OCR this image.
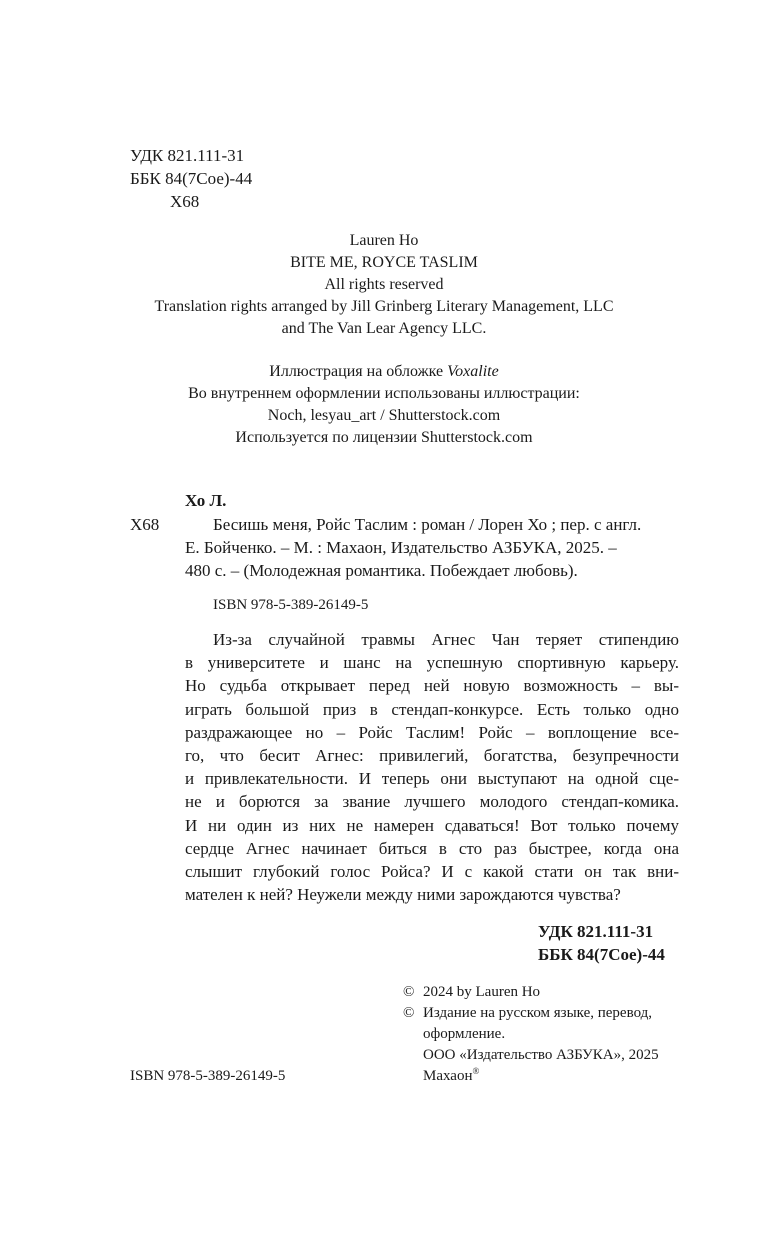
УДК 821.111-31
ББК 84(7Сое)-44
Х68
Lauren Ho
BITE ME, ROYCE TASLIM
All rights reserved
Translation rights arranged by Jill Grinberg Literary Management, LLC
and The Van Lear Agency LLC.
Иллюстрация на обложке Voxalite
Во внутреннем оформлении использованы иллюстрации:
Noch, lesyau_art / Shutterstock.com
Используется по лицензии Shutterstock.com
Хо Л.
Х68	Бесишь меня, Ройс Таслим : роман / Лорен Хо ; пер. с англ.
Е. Бойченко. – М. : Махаон, Издательство АЗБУКА, 2025. –
480 с. – (Молодежная романтика. Побеждает любовь).
ISBN 978-5-389-26149-5
Из-за случайной травмы Агнес Чан теряет стипендию
в университете и шанс на успешную спортивную карьеру.
Но судьба открывает перед ней новую возможность – вы-
играть большой приз в стендап-конкурсе. Есть только одно
раздражающее но – Ройс Таслим! Ройс – воплощение все-
го, что бесит Агнес: привилегий, богатства, безупречности
и привлекательности. И теперь они выступают на одной сце-
не и борются за звание лучшего молодого стендап-комика.
И ни один из них не намерен сдаваться! Вот только почему
сердце Агнес начинает биться в сто раз быстрее, когда она
слышит глубокий голос Ройса? И с какой стати он так вни-
мателен к ней? Неужели между ними зарождаются чувства?
УДК 821.111-31
ББК 84(7Сое)-44
© 2024 by Lauren Ho
© Издание на русском языке, перевод,
оформление.
ООО «Издательство АЗБУКА», 2025
Махаон®
ISBN 978-5-389-26149-5
